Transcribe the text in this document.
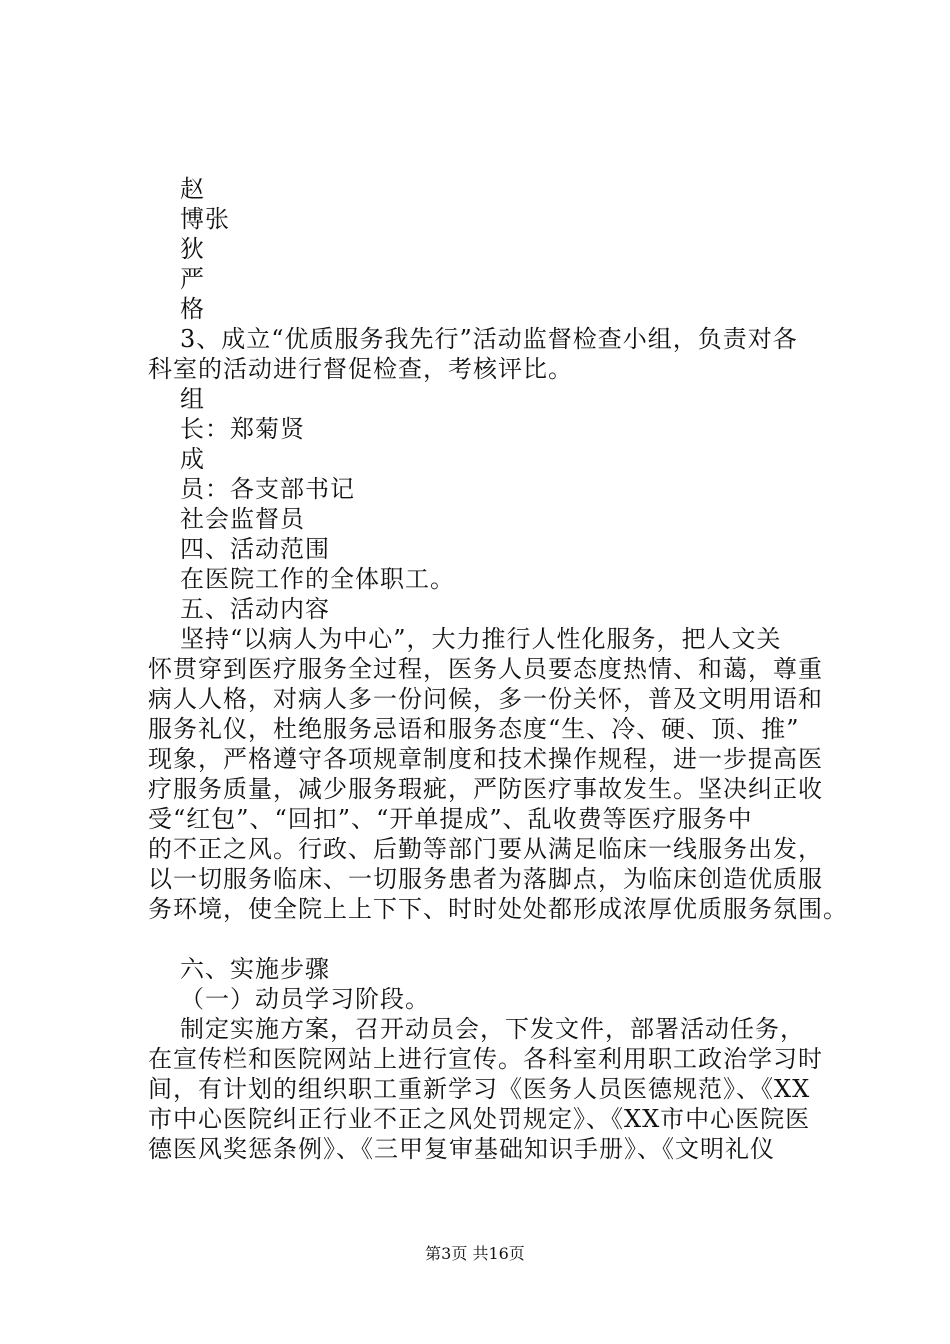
赵
博张
狄
严
格
3、成立“优质服务我先行”活动监督检查小组，负责对各
科室的活动进行督促检查，考核评比。
组
长：郑菊贤
成
员：各支部书记
社会监督员
四、活动范围
在医院工作的全体职工。
五、活动内容
坚持“以病人为中心”，大力推行人性化服务，把人文关
怀贯穿到医疗服务全过程，医务人员要态度热情、和蔼，尊重
病人人格，对病人多一份问候，多一份关怀，普及文明用语和
服务礼仪，杜绝服务忌语和服务态度“生、冷、硬、顶、推”
现象，严格遵守各项规章制度和技术操作规程，进一步提高医
疗服务质量，减少服务瑕疵，严防医疗事故发生。坚决纠正收
受“红包”、“回扣”、“开单提成”、乱收费等医疗服务中
的不正之风。行政、后勤等部门要从满足临床一线服务出发，
以一切服务临床、一切服务患者为落脚点，为临床创造优质服
务环境，使全院上上下下、时时处处都形成浓厚优质服务氛围。
六、实施步骤
（一）动员学习阶段。
制定实施方案，召开动员会，下发文件，部署活动任务，
在宣传栏和医院网站上进行宣传。各科室利用职工政治学习时
间，有计划的组织职工重新学习《医务人员医德规范》、《XX
市中心医院纠正行业不正之风处罚规定》、《XX市中心医院医
德医风奖惩条例》、《三甲复审基础知识手册》、《文明礼仪
第3页 共16页
